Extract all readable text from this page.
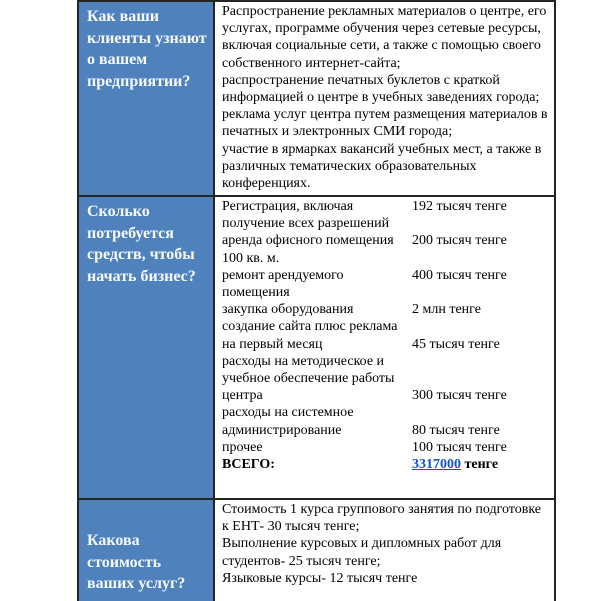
Как ваши клиенты узнают о вашем предприятии?

Распространение рекламных материалов о центре, его услугах, программе обучения через сетевые ресурсы, включая социальные сети, а также с помощью своего собственного интернет-сайта;

распространение печатных буклетов с краткой информацией о центре в учебных заведениях города;

реклама услуг центра путем размещения материалов в печатных и электронных СМИ города;

участие в ярмарках вакансий учебных мест, а также в различных тематических образовательных конференциях.

Сколько потребуется средств, чтобы начать бизнес?
Регистрация, включая получение всех разрешений
192 тысяч тенге
аренда офисного помещения 100 кв. м.
200 тысяч тенге
ремонт арендуемого помещения
400 тысяч тенге
закупка оборудования	2 млн тенге
создание сайта плюс реклама на первый месяц	45 тысяч тенге
расходы на методическое и учебное обеспечение работы центра	300 тысяч тенге
расходы на системное администрирование	80 тысяч тенге
прочее	100 тысяч тенге
ВСЕГО:	3317000 тенге
Какова стоимость ваших услуг?

Стоимость 1 курса группового занятия по подготовке к ЕНТ- 30 тысяч тенге;

Выполнение курсовых и дипломных работ для студентов- 25 тысяч тенге;

Языковые курсы- 12 тысяч тенге
